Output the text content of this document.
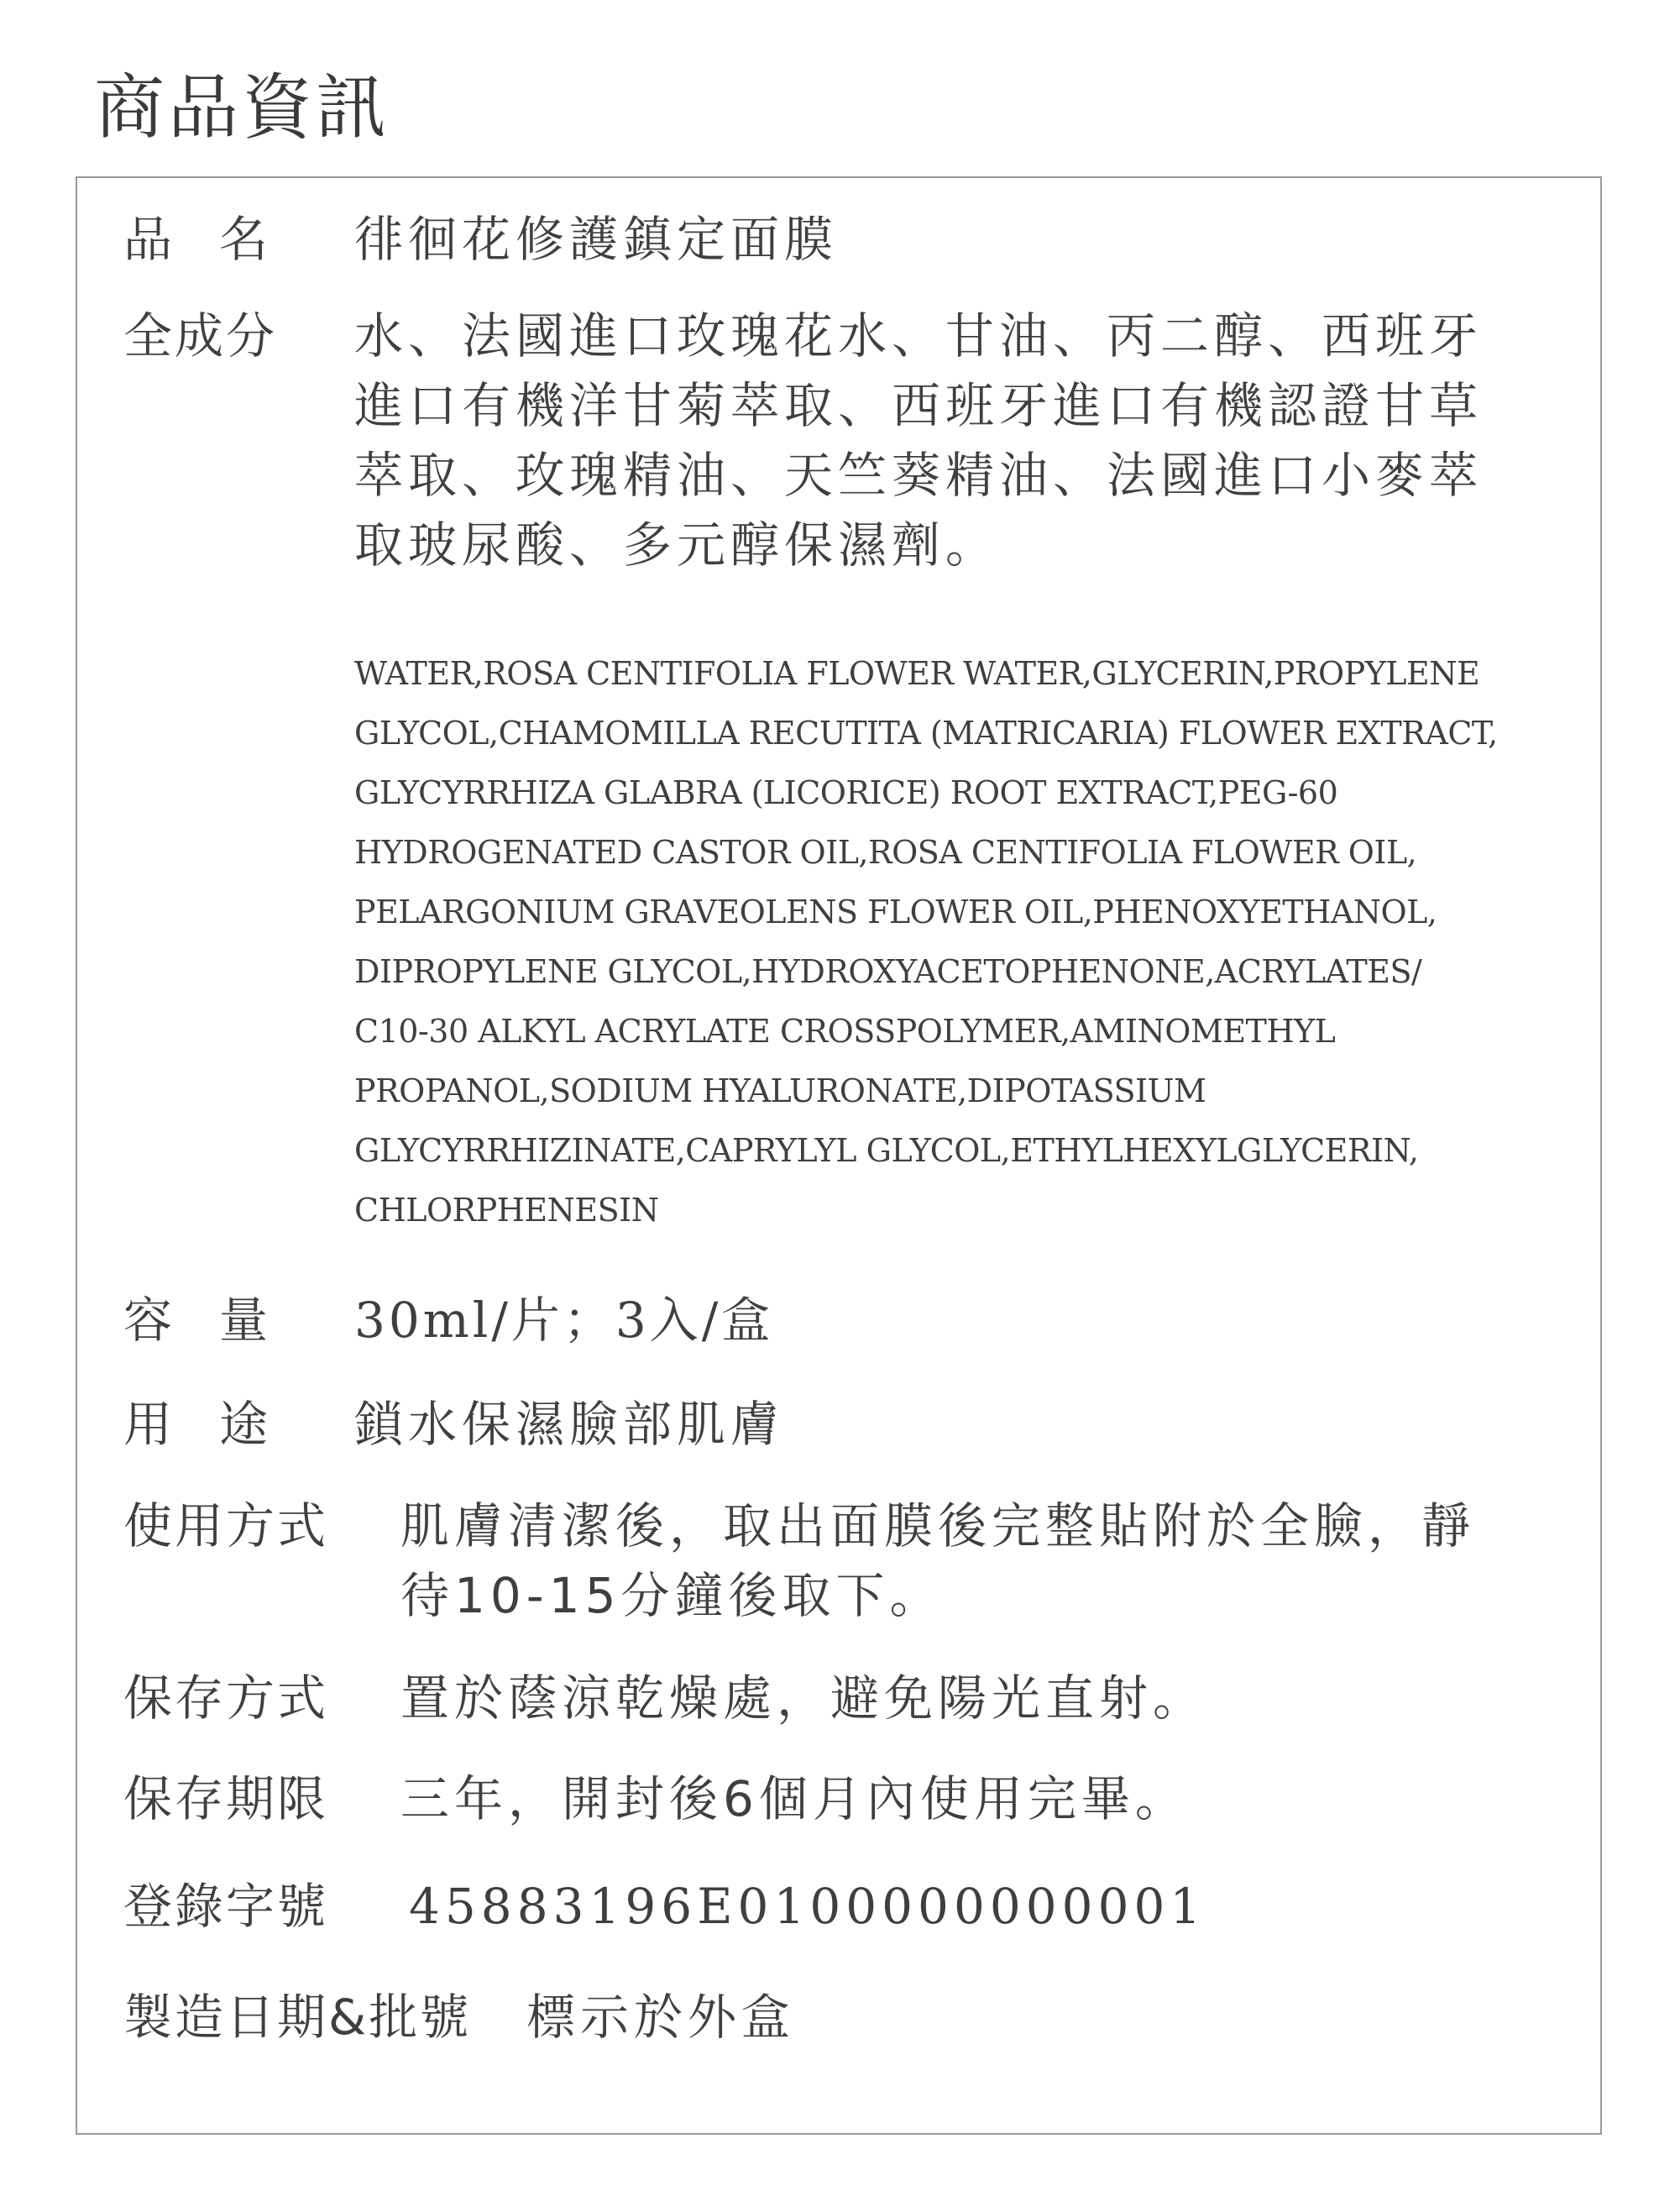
商品資訊
品名 徘徊花修護鎮定面膜
全成分 水、法國進口玫瑰花水、甘油、丙二醇、西班牙
進口有機洋甘菊萃取、西班牙進口有機認證甘草
萃取、玫瑰精油、天竺葵精油、法國進口小麥萃
取玻尿酸、多元醇保濕劑。
WATER,ROSA CENTIFOLIA FLOWER WATER,GLYCERIN,PROPYLENE
GLYCOL,CHAMOMILLA RECUTITA (MATRICARIA) FLOWER EXTRACT,
GLYCYRRHIZA GLABRA (LICORICE) ROOT EXTRACT,PEG-60
HYDROGENATED CASTOR OIL,ROSA CENTIFOLIA FLOWER OIL,
PELARGONIUM GRAVEOLENS FLOWER OIL,PHENOXYETHANOL,
DIPROPYLENE GLYCOL,HYDROXYACETOPHENONE,ACRYLATES/
C10-30 ALKYL ACRYLATE CROSSPOLYMER,AMINOMETHYL
PROPANOL,SODIUM HYALURONATE,DIPOTASSIUM
GLYCYRRHIZINATE,CAPRYLYL GLYCOL,ETHYLHEXYLGLYCERIN,
CHLORPHENESIN
容量 30ml/片；3入/盒
用途 鎖水保濕臉部肌膚
使用方式 肌膚清潔後，取出面膜後完整貼附於全臉，靜
待10-15分鐘後取下。
保存方式 置於蔭涼乾燥處，避免陽光直射。
保存期限 三年，開封後6個月內使用完畢。
登錄字號 45883196E0100000000001
製造日期&批號 標示於外盒
